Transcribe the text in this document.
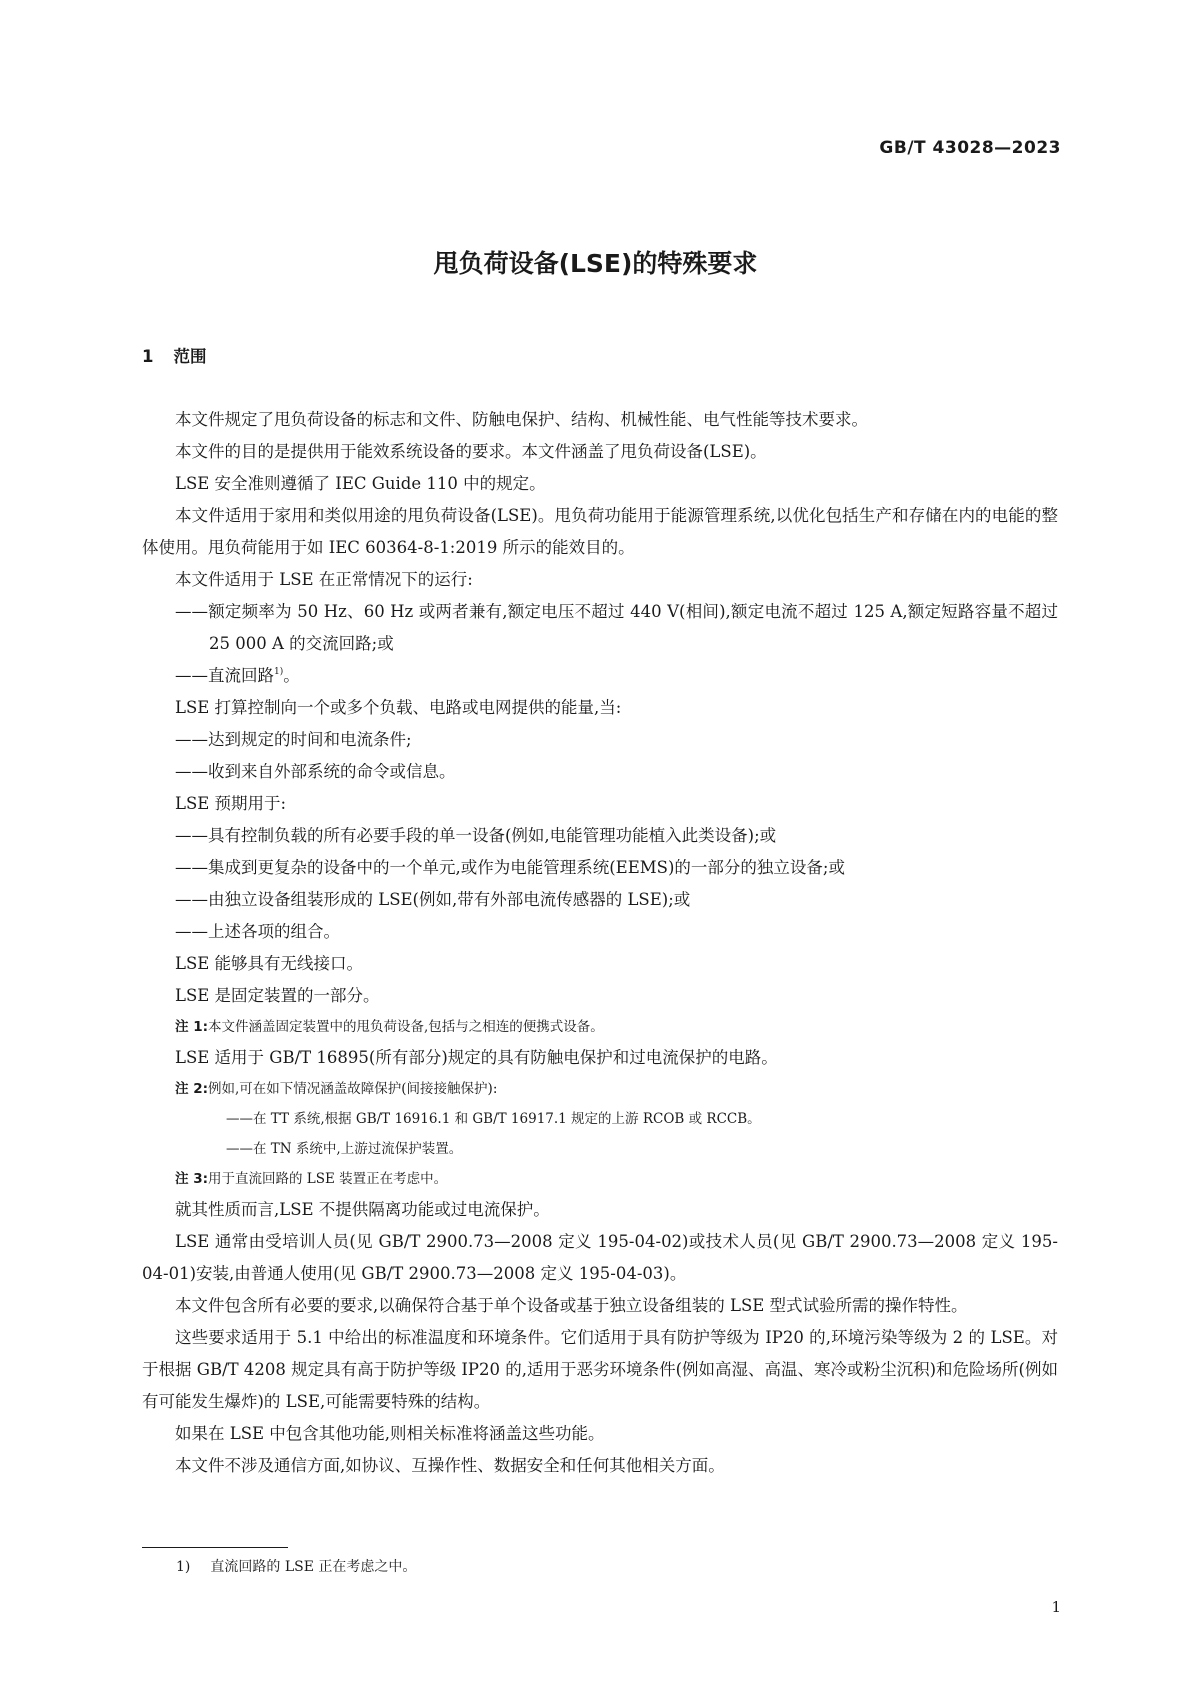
GB/T 43028—2023
甩负荷设备(LSE)的特殊要求
1 范围

本文件规定了甩负荷设备的标志和文件、防触电保护、结构、机械性能、电气性能等技术要求。

本文件的目的是提供用于能效系统设备的要求。本文件涵盖了甩负荷设备(LSE)。

LSE 安全准则遵循了 IEC Guide 110 中的规定。

本文件适用于家用和类似用途的甩负荷设备(LSE)。甩负荷功能用于能源管理系统,以优化包括生产和存储在内的电能的整体使用。甩负荷能用于如 IEC 60364-8-1:2019 所示的能效目的。

本文件适用于 LSE 在正常情况下的运行:

——额定频率为 50 Hz、60 Hz 或两者兼有,额定电压不超过 440 V(相间),额定电流不超过 125 A,额定短路容量不超过 25 000 A 的交流回路;或

——直流回路$^{1)}$。

LSE 打算控制向一个或多个负载、电路或电网提供的能量,当:

——达到规定的时间和电流条件;

——收到来自外部系统的命令或信息。

LSE 预期用于:

——具有控制负载的所有必要手段的单一设备(例如,电能管理功能植入此类设备);或

——集成到更复杂的设备中的一个单元,或作为电能管理系统(EEMS)的一部分的独立设备;或

——由独立设备组装形成的 LSE(例如,带有外部电流传感器的 LSE);或

——上述各项的组合。

LSE 能够具有无线接口。

LSE 是固定装置的一部分。

注 1:本文件涵盖固定装置中的甩负荷设备,包括与之相连的便携式设备。

LSE 适用于 GB/T 16895(所有部分)规定的具有防触电保护和过电流保护的电路。

注 2:例如,可在如下情况涵盖故障保护(间接接触保护):

——在 TT 系统,根据 GB/T 16916.1 和 GB/T 16917.1 规定的上游 RCOB 或 RCCB。

——在 TN 系统中,上游过流保护装置。

注 3:用于直流回路的 LSE 装置正在考虑中。

就其性质而言,LSE 不提供隔离功能或过电流保护。

LSE 通常由受培训人员(见 GB/T 2900.73—2008 定义 195-04-02)或技术人员(见 GB/T 2900.73—2008 定义 195-04-01)安装,由普通人使用(见 GB/T 2900.73—2008 定义 195-04-03)。

本文件包含所有必要的要求,以确保符合基于单个设备或基于独立设备组装的 LSE 型式试验所需的操作特性。

这些要求适用于 5.1 中给出的标准温度和环境条件。它们适用于具有防护等级为 IP20 的,环境污染等级为 2 的 LSE。对于根据 GB/T 4208 规定具有高于防护等级 IP20 的,适用于恶劣环境条件(例如高湿、高温、寒冷或粉尘沉积)和危险场所(例如有可能发生爆炸)的 LSE,可能需要特殊的结构。

如果在 LSE 中包含其他功能,则相关标准将涵盖这些功能。

本文件不涉及通信方面,如协议、互操作性、数据安全和任何其他相关方面。

1) 直流回路的 LSE 正在考虑之中。
1
